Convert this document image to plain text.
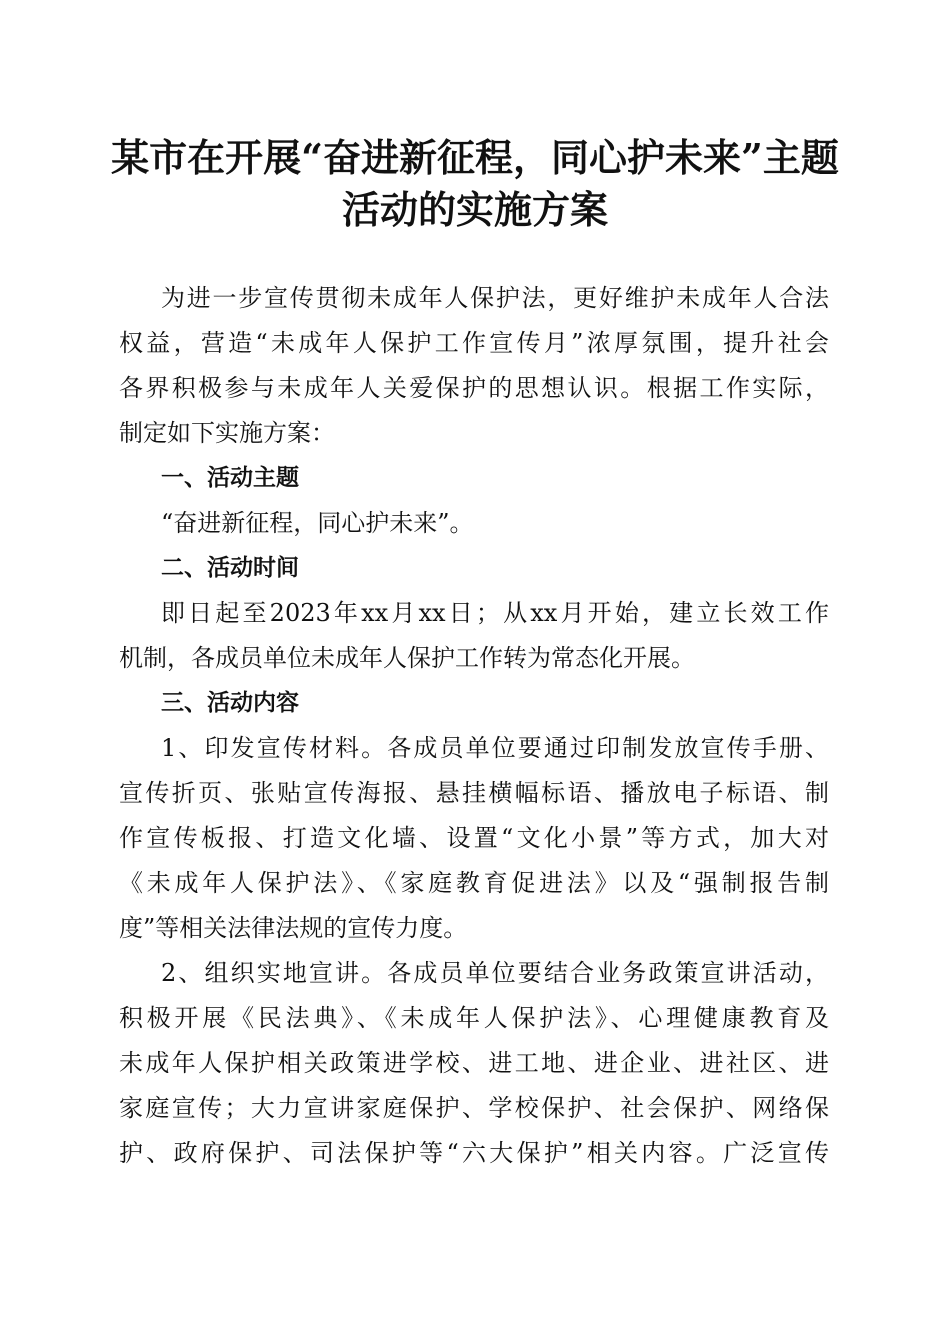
某市在开展“奋进新征程，同心护未来”主题
活动的实施方案
为进一步宣传贯彻未成年人保护法，更好维护未成年人合法
权益，营造“未成年人保护工作宣传月”浓厚氛围，提升社会
各界积极参与未成年人关爱保护的思想认识。根据工作实际，
制定如下实施方案：
一、活动主题
“奋进新征程，同心护未来”。
二、活动时间
即日起至2023年xx月xx日；从xx月开始，建立长效工作
机制，各成员单位未成年人保护工作转为常态化开展。
三、活动内容
1、印发宣传材料。各成员单位要通过印制发放宣传手册、
宣传折页、张贴宣传海报、悬挂横幅标语、播放电子标语、制
作宣传板报、打造文化墙、设置“文化小景”等方式，加大对
《未成年人保护法》、《家庭教育促进法》以及“强制报告制
度”等相关法律法规的宣传力度。
2、组织实地宣讲。各成员单位要结合业务政策宣讲活动，
积极开展《民法典》、《未成年人保护法》、心理健康教育及
未成年人保护相关政策进学校、进工地、进企业、进社区、进
家庭宣传；大力宣讲家庭保护、学校保护、社会保护、网络保
护、政府保护、司法保护等“六大保护”相关内容。广泛宣传
